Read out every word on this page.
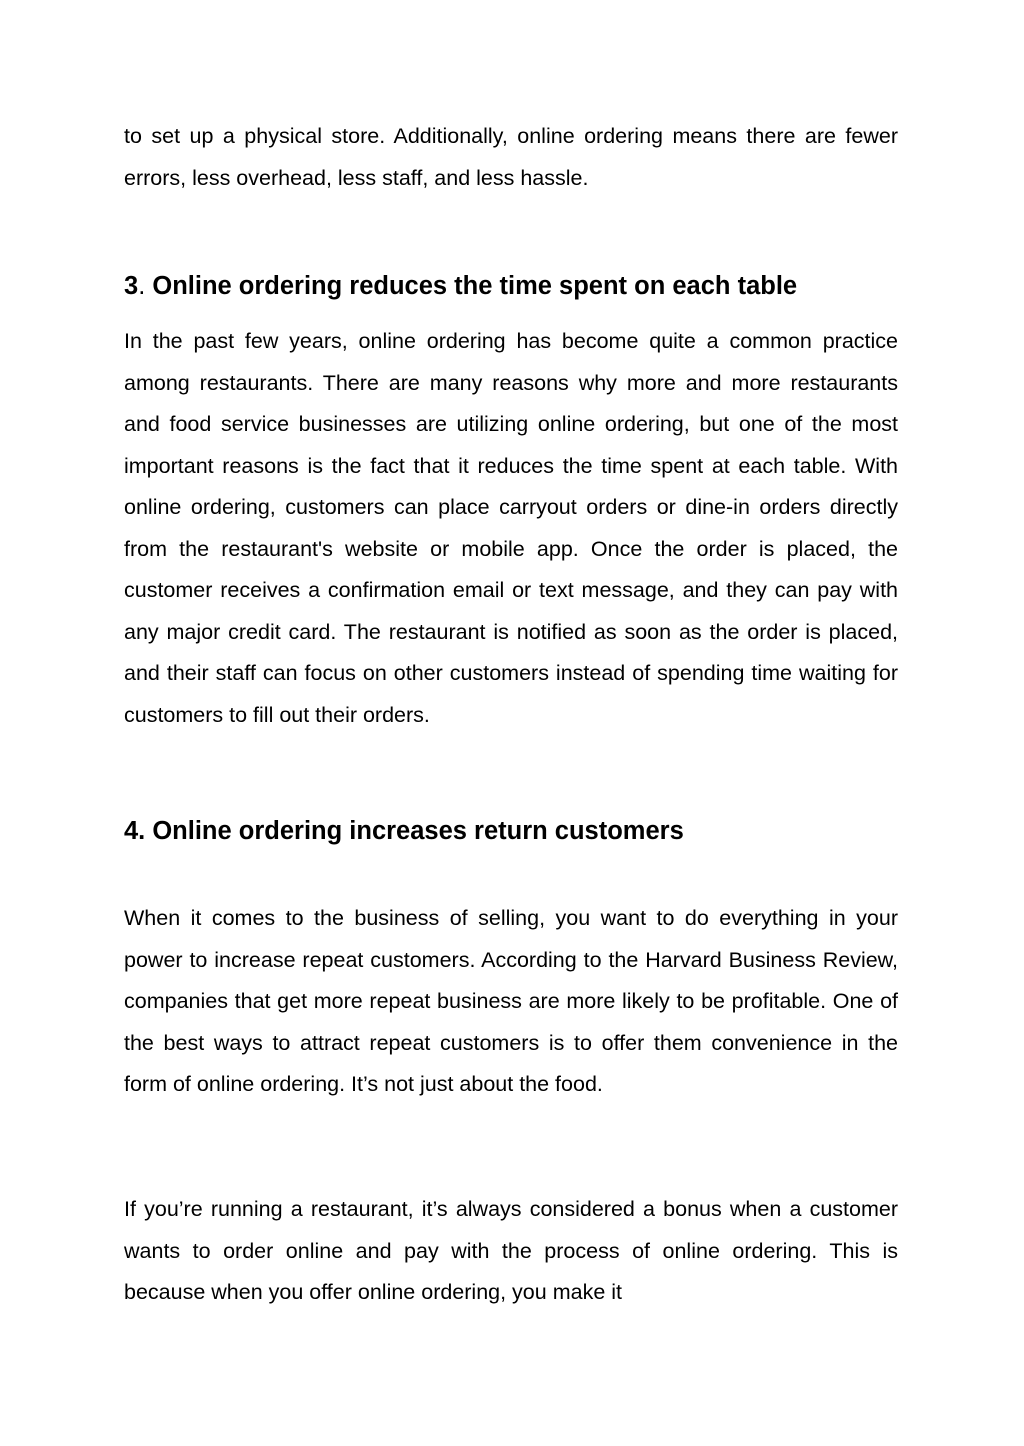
to set up a physical store. Additionally, online ordering means there are fewer errors, less overhead, less staff, and less hassle.

3. Online ordering reduces the time spent on each table

In the past few years, online ordering has become quite a common practice among restaurants. There are many reasons why more and more restaurants and food service businesses are utilizing online ordering, but one of the most important reasons is the fact that it reduces the time spent at each table. With online ordering, customers can place carryout orders or dine-in orders directly from the restaurant's website or mobile app. Once the order is placed, the customer receives a confirmation email or text message, and they can pay with any major credit card. The restaurant is notified as soon as the order is placed, and their staff can focus on other customers instead of spending time waiting for customers to fill out their orders.

4. Online ordering increases return customers

When it comes to the business of selling, you want to do everything in your power to increase repeat customers. According to the Harvard Business Review, companies that get more repeat business are more likely to be profitable. One of the best ways to attract repeat customers is to offer them convenience in the form of online ordering. It’s not just about the food.

If you’re running a restaurant, it’s always considered a bonus when a customer wants to order online and pay with the process of online ordering. This is because when you offer online ordering, you make it
